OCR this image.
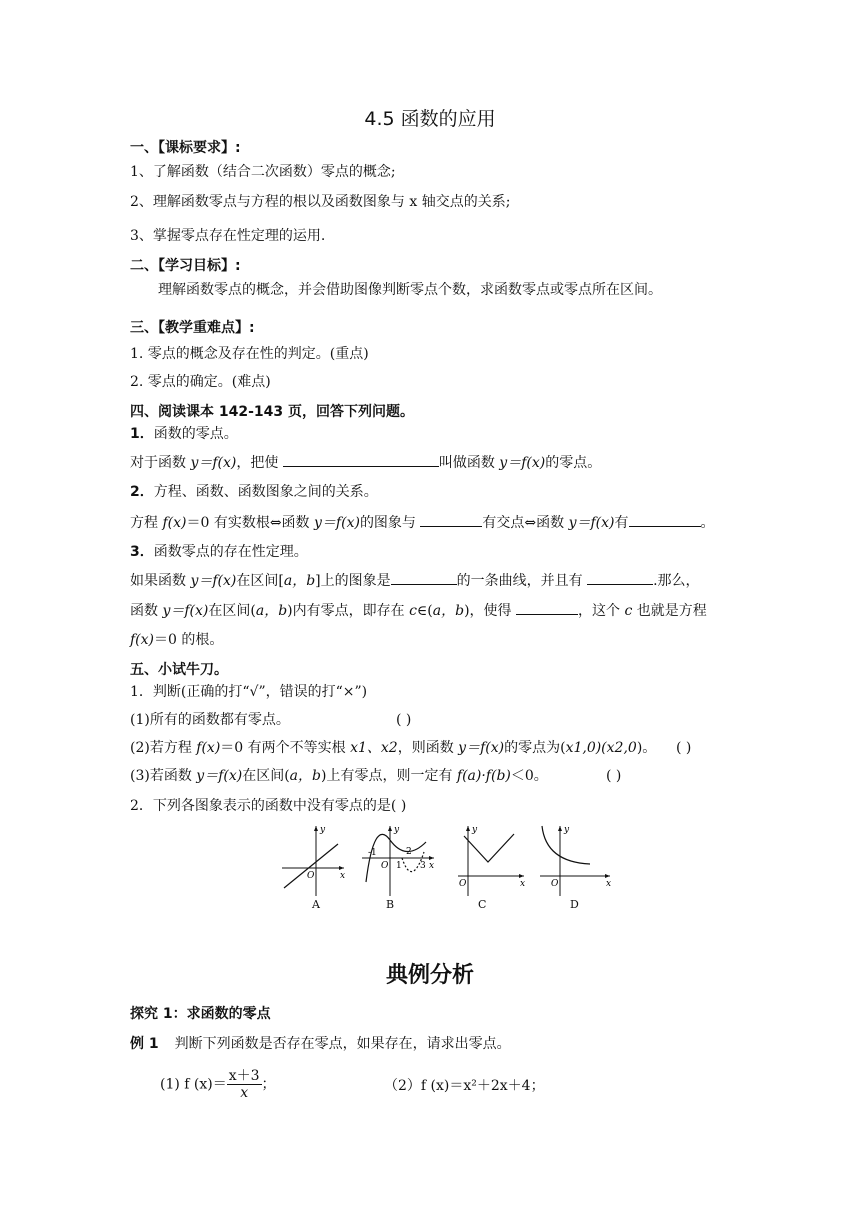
4.5 函数的应用
一、【课标要求】:
1、了解函数（结合二次函数）零点的概念;
2、理解函数零点与方程的根以及函数图象与 x 轴交点的关系;
3、掌握零点存在性定理的运用.
二、【学习目标】:
理解函数零点的概念，并会借助图像判断零点个数，求函数零点或零点所在区间。
三、【教学重难点】:
1. 零点的概念及存在性的判定。(重点)
2. 零点的确定。(难点)
四、阅读课本 142-143 页，回答下列问题。
1．函数的零点。
对于函数 y＝f(x)，把使	叫做函数 y＝f(x)的零点。
2．方程、函数、函数图象之间的关系。
方程 f(x)＝0 有实数根⇔函数 y＝f(x)的图象与	有交点⇔函数 y＝f(x)有	。
3．函数零点的存在性定理。
如果函数 y＝f(x)在区间[a，b]上的图象是	的一条曲线，并且有	.那么，
函数 y＝f(x)在区间(a，b)内有零点，即存在 c∈(a，b)，使得	，这个 c 也就是方程
f(x)＝0 的根。
五、小试牛刀。
1．判断(正确的打“√”，错误的打“×”)
(1)所有的函数都有零点。	( )
(2)若方程 f(x)＝0 有两个不等实根 x1、x2，则函数 y＝f(x)的零点为(x1,0)(x2,0)。 ( )
(3)若函数 y＝f(x)在区间(a，b)上有零点，则一定有 f(a)·f(b)＜0。	( )
2．下列各图象表示的函数中没有零点的是( )
y
x
O
y
x
O
-1
1
2
3
y
x
O
y
x
O
A	B	C	D
典例分析
探究 1：求函数的零点
例 1 判断下列函数是否存在零点，如果存在，请求出零点。
(1) f $(x)= \frac{x+3}{x}$ ；	（2）f (x)＝x²＋2x＋4；
